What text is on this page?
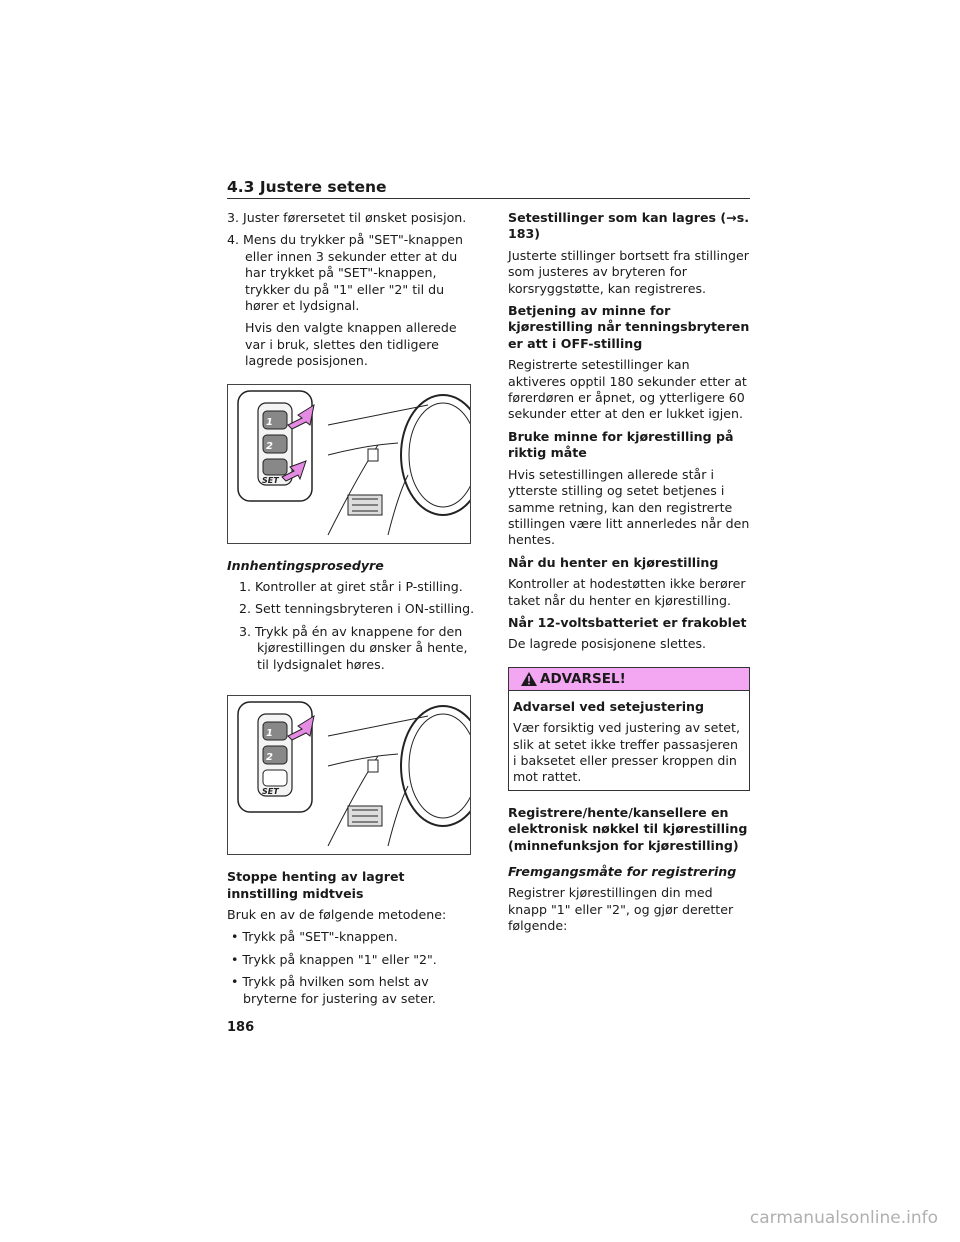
4.3 Justere setene

3. Juster førersetet til ønsket posisjon.

4. Mens du trykker på "SET"-knappen eller innen 3 sekunder etter at du har trykket på "SET"-knappen, trykker du på "1" eller "2" til du hører et lydsignal.

Hvis den valgte knappen allerede var i bruk, slettes den tidligere lagrede posisjonen.

1
2
SET

Innhentingsprosedyre

1. Kontroller at giret står i P-stilling.

2. Sett tenningsbryteren i ON-stilling.

3. Trykk på én av knappene for den kjørestillingen du ønsker å hente, til lydsignalet høres.

1
2
SET

Stoppe henting av lagret innstilling midtveis

Bruk en av de følgende metodene:

• Trykk på "SET"-knappen.

• Trykk på knappen "1" eller "2".

• Trykk på hvilken som helst av bryterne for justering av seter.

Setestillinger som kan lagres (→s. 183)

Justerte stillinger bortsett fra stillinger som justeres av bryteren for korsryggstøtte, kan registreres.

Betjening av minne for kjørestilling når tenningsbryteren er att i OFF-stilling

Registrerte setestillinger kan aktiveres opptil 180 sekunder etter at førerdøren er åpnet, og ytterligere 60 sekunder etter at den er lukket igjen.

Bruke minne for kjørestilling på riktig måte

Hvis setestillingen allerede står i ytterste stilling og setet betjenes i samme retning, kan den registrerte stillingen være litt annerledes når den hentes.

Når du henter en kjørestilling

Kontroller at hodestøtten ikke berører taket når du henter en kjørestilling.

Når 12-voltsbatteriet er frakoblet

De lagrede posisjonene slettes.

ADVARSEL!

Advarsel ved setejustering

Vær forsiktig ved justering av setet, slik at setet ikke treffer passasjeren i baksetet eller presser kroppen din mot rattet.

Registrere/hente/kansellere en elektronisk nøkkel til kjørestilling (minnefunksjon for kjørestilling)

Fremgangsmåte for registrering

Registrer kjørestillingen din med knapp "1" eller "2", og gjør deretter følgende:

186
carmanualsonline.info
